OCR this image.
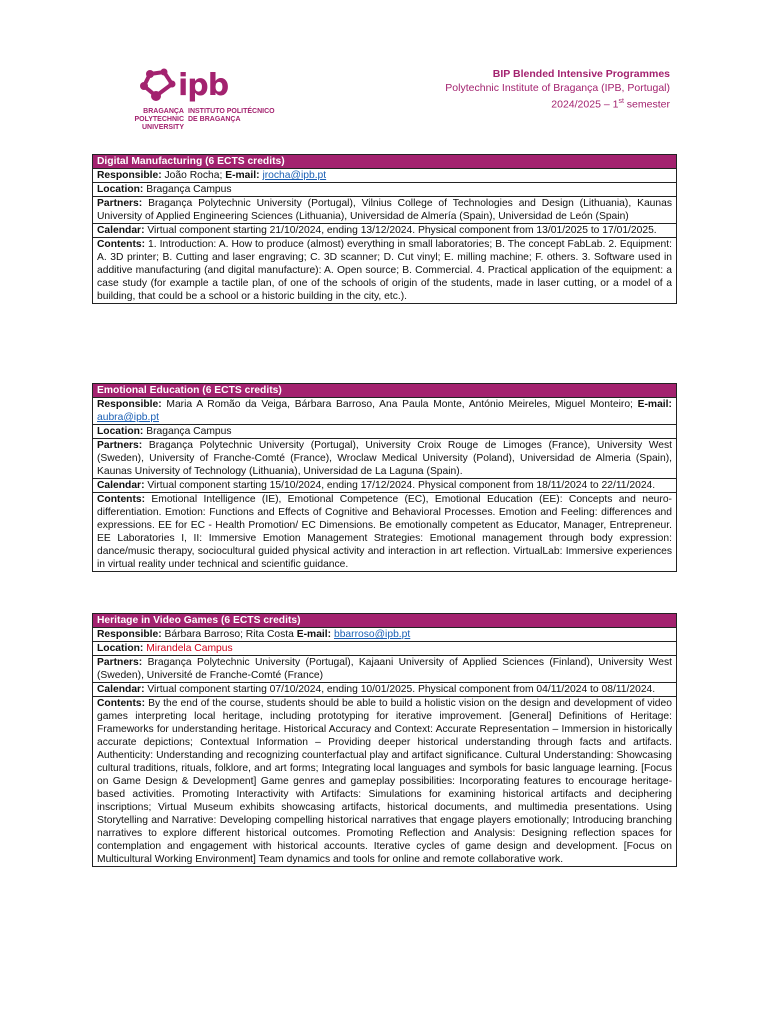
ipb
BRAGANÇA
POLYTECHNIC UNIVERSITY
INSTITUTO POLITÉCNICO
DE BRAGANÇA
BIP Blended Intensive Programmes
Polytechnic Institute of Bragança (IPB, Portugal)
2024/2025 – 1st semester
Digital Manufacturing (6 ECTS credits)
Responsible: João Rocha; E-mail: jrocha@ipb.pt
Location: Bragança Campus
Partners: Bragança Polytechnic University (Portugal), Vilnius College of Technologies and Design (Lithuania), Kaunas University of Applied Engineering Sciences (Lithuania), Universidad de Almería (Spain), Universidad de León (Spain)
Calendar: Virtual component starting 21/10/2024, ending 13/12/2024. Physical component from 13/01/2025 to 17/01/2025.
Contents: 1. Introduction: A. How to produce (almost) everything in small laboratories; B. The concept FabLab. 2. Equipment: A. 3D printer; B. Cutting and laser engraving; C. 3D scanner; D. Cut vinyl; E. milling machine; F. others. 3. Software used in additive manufacturing (and digital manufacture): A. Open source; B. Commercial. 4. Practical application of the equipment: a case study (for example a tactile plan, of one of the schools of origin of the students, made in laser cutting, or a model of a building, that could be a school or a historic building in the city, etc.).
Emotional Education (6 ECTS credits)
Responsible: Maria A Romão da Veiga, Bárbara Barroso, Ana Paula Monte, António Meireles, Miguel Monteiro; E-mail: aubra@ipb.pt
Location: Bragança Campus
Partners: Bragança Polytechnic University (Portugal), University Croix Rouge de Limoges (France), University West (Sweden), University of Franche-Comté (France), Wroclaw Medical University (Poland), Universidad de Almeria (Spain), Kaunas University of Technology (Lithuania), Universidad de La Laguna (Spain).
Calendar: Virtual component starting 15/10/2024, ending 17/12/2024. Physical component from 18/11/2024 to 22/11/2024.
Contents: Emotional Intelligence (IE), Emotional Competence (EC), Emotional Education (EE): Concepts and neuro-differentiation. Emotion: Functions and Effects of Cognitive and Behavioral Processes. Emotion and Feeling: differences and expressions. EE for EC - Health Promotion/ EC Dimensions. Be emotionally competent as Educator, Manager, Entrepreneur. EE Laboratories I, II: Immersive Emotion Management Strategies: Emotional management through body expression: dance/music therapy, sociocultural guided physical activity and interaction in art reflection. VirtualLab: Immersive experiences in virtual reality under technical and scientific guidance.
Heritage in Video Games (6 ECTS credits)
Responsible: Bárbara Barroso; Rita Costa E-mail: bbarroso@ipb.pt
Location: Mirandela Campus
Partners: Bragança Polytechnic University (Portugal), Kajaani University of Applied Sciences (Finland), University West (Sweden), Université de Franche-Comté (France)
Calendar: Virtual component starting 07/10/2024, ending 10/01/2025. Physical component from 04/11/2024 to 08/11/2024.
Contents: By the end of the course, students should be able to build a holistic vision on the design and development of video games interpreting local heritage, including prototyping for iterative improvement. [General] Definitions of Heritage: Frameworks for understanding heritage. Historical Accuracy and Context: Accurate Representation – Immersion in historically accurate depictions; Contextual Information – Providing deeper historical understanding through facts and artifacts. Authenticity: Understanding and recognizing counterfactual play and artifact significance. Cultural Understanding: Showcasing cultural traditions, rituals, folklore, and art forms; Integrating local languages and symbols for basic language learning. [Focus on Game Design & Development] Game genres and gameplay possibilities: Incorporating features to encourage heritage-based activities. Promoting Interactivity with Artifacts: Simulations for examining historical artifacts and deciphering inscriptions; Virtual Museum exhibits showcasing artifacts, historical documents, and multimedia presentations. Using Storytelling and Narrative: Developing compelling historical narratives that engage players emotionally; Introducing branching narratives to explore different historical outcomes. Promoting Reflection and Analysis: Designing reflection spaces for contemplation and engagement with historical accounts. Iterative cycles of game design and development. [Focus on Multicultural Working Environment] Team dynamics and tools for online and remote collaborative work.
